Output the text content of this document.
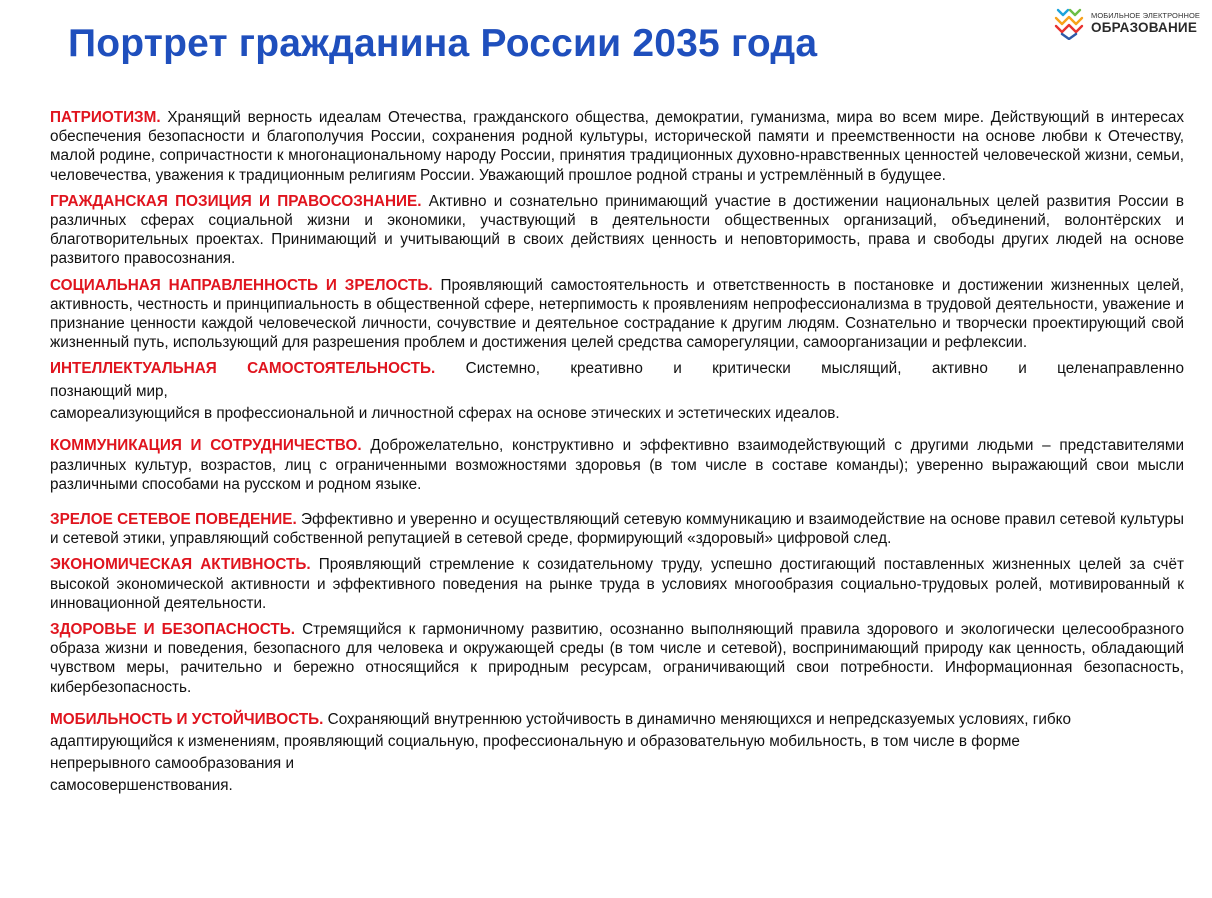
Портрет гражданина России 2035 года
МОБИЛЬНОЕ ЭЛЕКТРОННОЕ
ОБРАЗОВАНИЕ

ПАТРИОТИЗМ. Хранящий верность идеалам Отечества, гражданского общества, демократии, гуманизма, мира во всем мире. Действующий в интересах обеспечения безопасности и благополучия России, сохранения родной культуры, исторической памяти и преемственности на основе любви к Отечеству, малой родине, сопричастности к многонациональному народу России, принятия традиционных духовно-нравственных ценностей человеческой жизни, семьи, человечества, уважения к традиционным религиям России. Уважающий прошлое родной страны и устремлённый в будущее.

ГРАЖДАНСКАЯ ПОЗИЦИЯ И ПРАВОСОЗНАНИЕ. Активно и сознательно принимающий участие в достижении национальных целей развития России в различных сферах социальной жизни и экономики, участвующий в деятельности общественных организаций, объединений, волонтёрских и благотворительных проектах. Принимающий и учитывающий в своих действиях ценность и неповторимость, права и свободы других людей на основе развитого правосознания.

СОЦИАЛЬНАЯ НАПРАВЛЕННОСТЬ И ЗРЕЛОСТЬ. Проявляющий самостоятельность и ответственность в постановке и достижении жизненных целей, активность, честность и принципиальность в общественной сфере, нетерпимость к проявлениям непрофессионализма в трудовой деятельности, уважение и признание ценности каждой человеческой личности, сочувствие и деятельное сострадание к другим людям. Сознательно и творчески проектирующий свой жизненный путь, использующий для разрешения проблем и достижения целей средства саморегуляции, самоорганизации и рефлексии.

ИНТЕЛЛЕКТУАЛЬНАЯ САМОСТОЯТЕЛЬНОСТЬ. Системно, креативно и критически мыслящий, активно и целенаправленно
познающий мир,
самореализующийся в профессиональной и личностной сферах на основе этических и эстетических идеалов.

КОММУНИКАЦИЯ И СОТРУДНИЧЕСТВО. Доброжелательно, конструктивно и эффективно взаимодействующий с другими людьми – представителями различных культур, возрастов, лиц с ограниченными возможностями здоровья (в том числе в составе команды); уверенно выражающий свои мысли различными способами на русском и родном языке.

ЗРЕЛОЕ СЕТЕВОЕ ПОВЕДЕНИЕ. Эффективно и уверенно и осуществляющий сетевую коммуникацию и взаимодействие на основе правил сетевой культуры и сетевой этики, управляющий собственной репутацией в сетевой среде, формирующий «здоровый» цифровой след.

ЭКОНОМИЧЕСКАЯ АКТИВНОСТЬ. Проявляющий стремление к созидательному труду, успешно достигающий поставленных жизненных целей за счёт высокой экономической активности и эффективного поведения на рынке труда в условиях многообразия социально-трудовых ролей, мотивированный к инновационной деятельности.

ЗДОРОВЬЕ И БЕЗОПАСНОСТЬ. Стремящийся к гармоничному развитию, осознанно выполняющий правила здорового и экологически целесообразного образа жизни и поведения, безопасного для человека и окружающей среды (в том числе и сетевой), воспринимающий природу как ценность, обладающий чувством меры, рачительно и бережно относящийся к природным ресурсам, ограничивающий свои потребности. Информационная безопасность, кибербезопасность.

МОБИЛЬНОСТЬ И УСТОЙЧИВОСТЬ. Сохраняющий внутреннюю устойчивость в динамично меняющихся и непредсказуемых условиях, гибко
адаптирующийся к изменениям, проявляющий социальную, профессиональную и образовательную мобильность, в том числе в форме
непрерывного самообразования и
самосовершенствования.
